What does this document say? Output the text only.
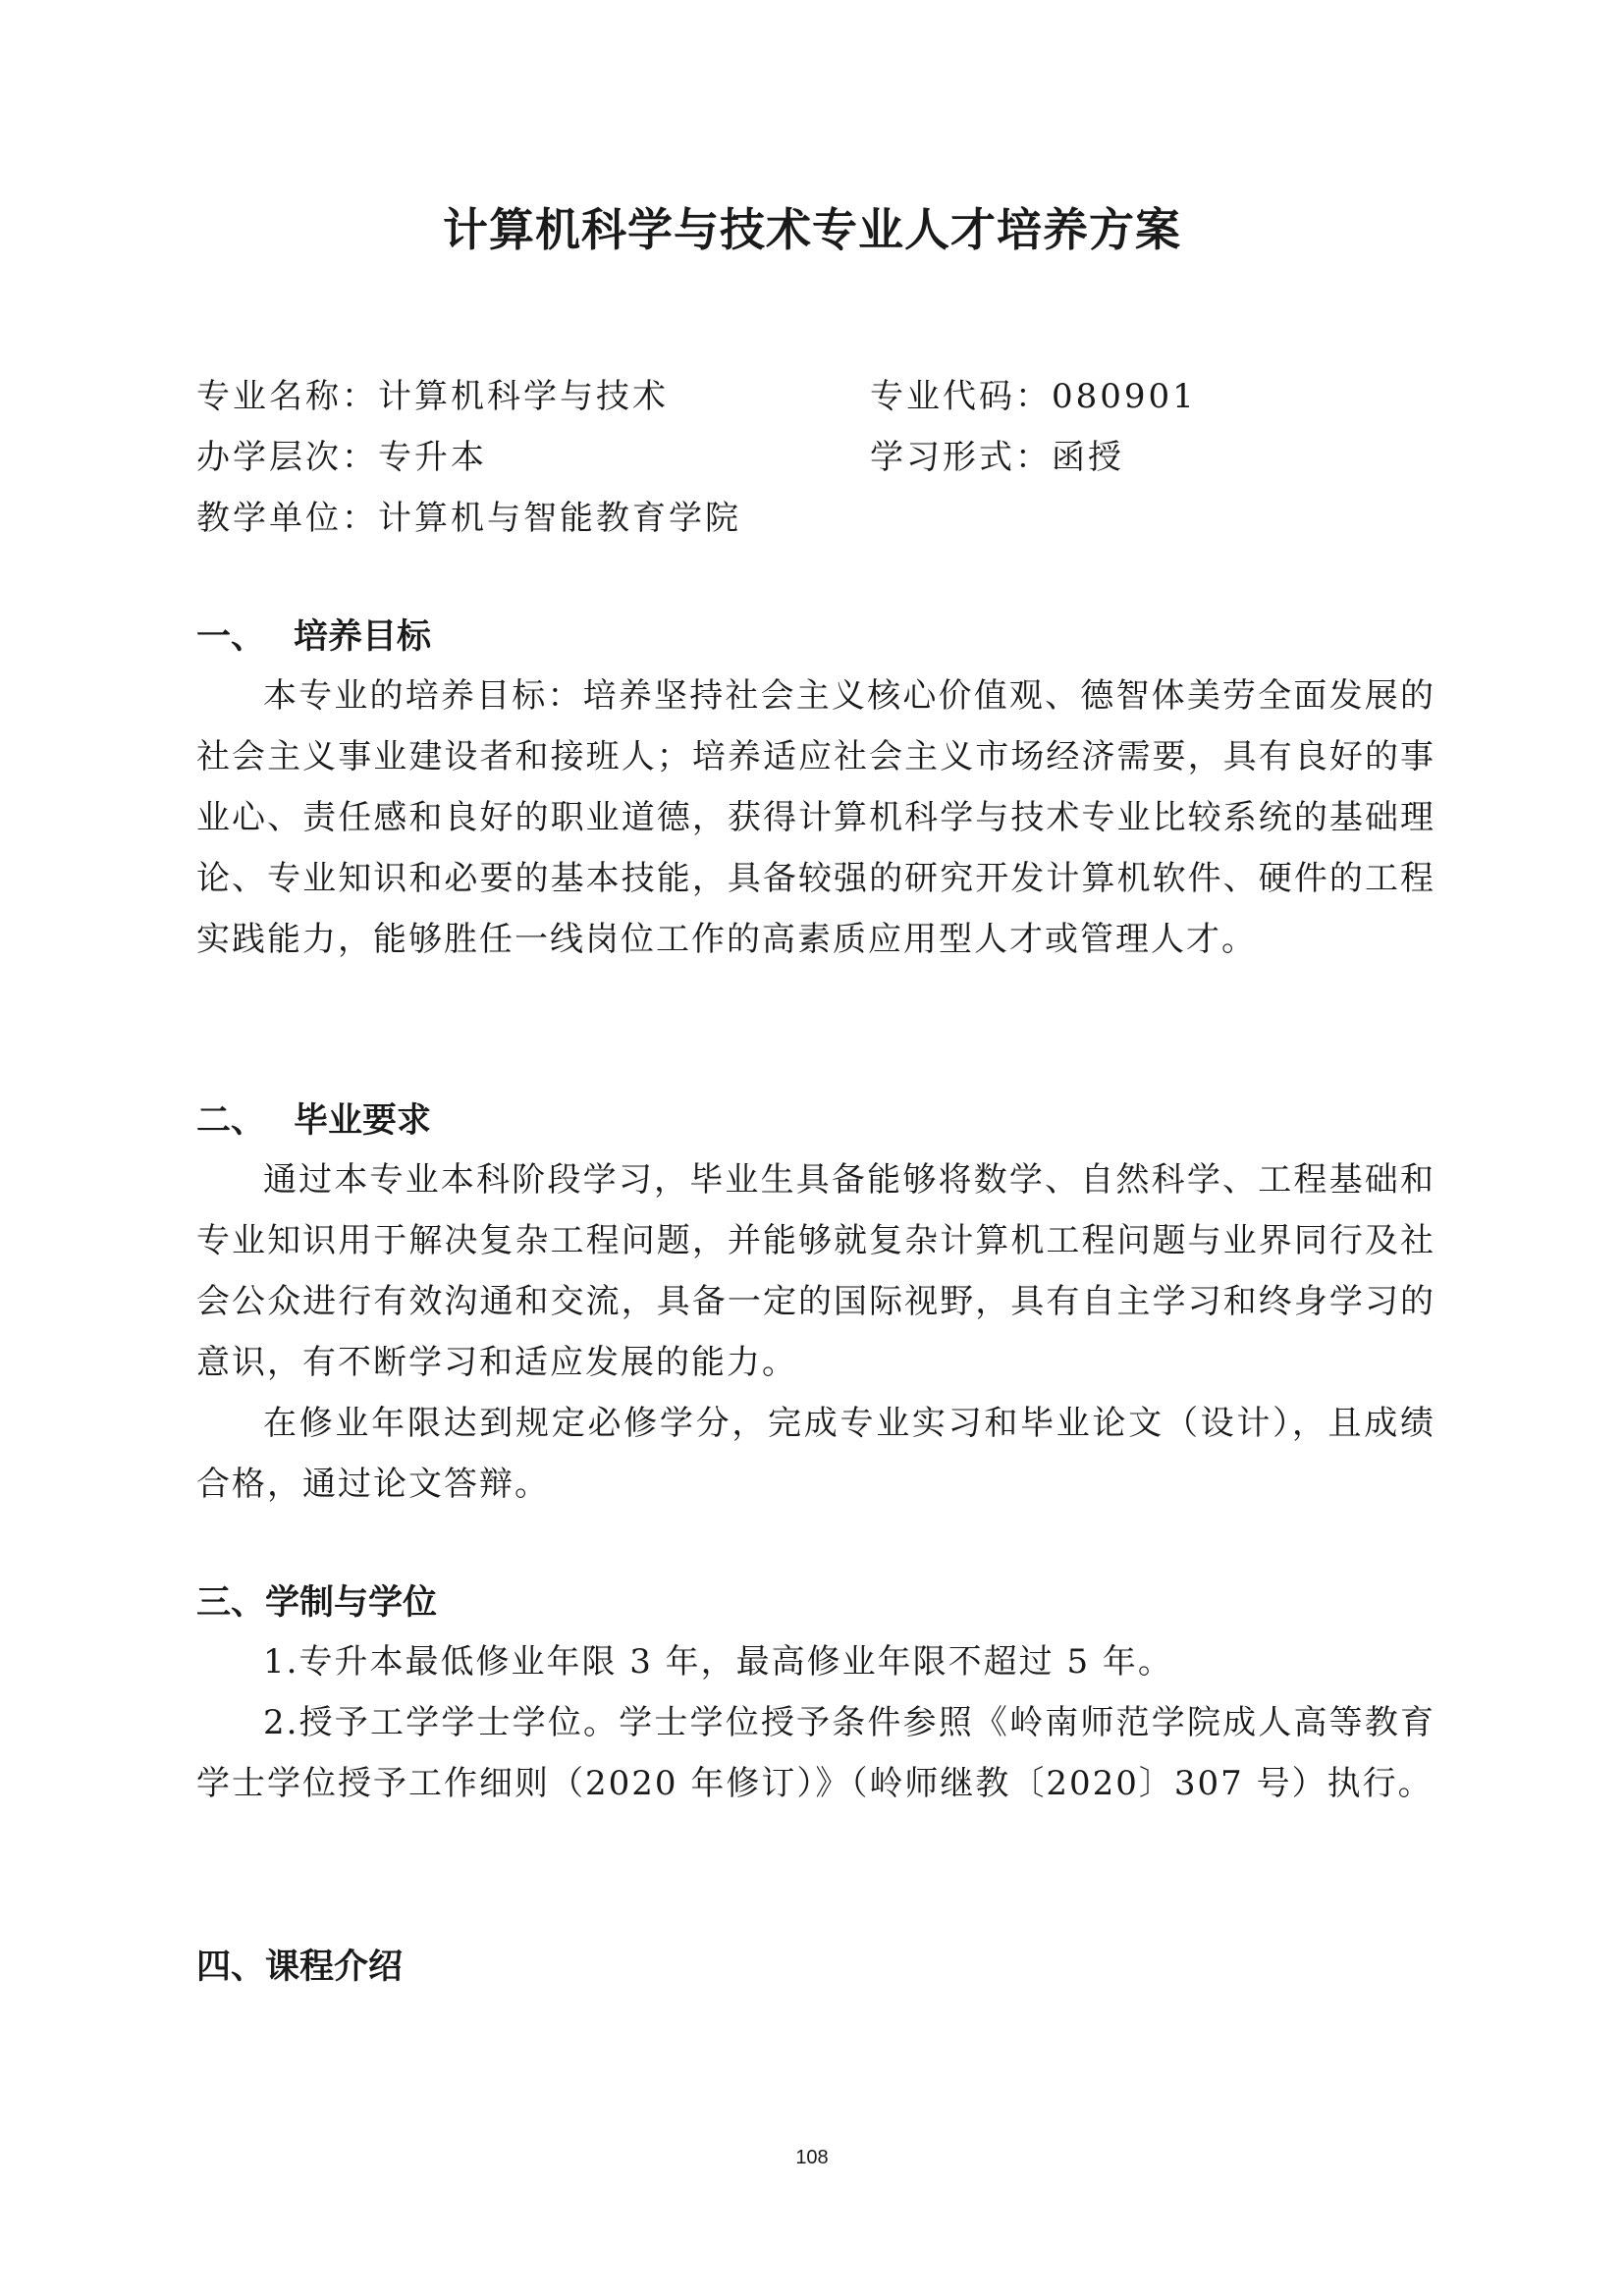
计算机科学与技术专业人才培养方案
专业名称：计算机科学与技术	专业代码：080901
办学层次：专升本	学习形式：函授
教学单位：计算机与智能教育学院
一、 培养目标

本专业的培养目标：培养坚持社会主义核心价值观、德智体美劳全面发展的社会主义事业建设者和接班人；培养适应社会主义市场经济需要，具有良好的事业心、责任感和良好的职业道德，获得计算机科学与技术专业比较系统的基础理论、专业知识和必要的基本技能，具备较强的研究开发计算机软件、硬件的工程实践能力，能够胜任一线岗位工作的高素质应用型人才或管理人才。

二、 毕业要求

通过本专业本科阶段学习，毕业生具备能够将数学、自然科学、工程基础和专业知识用于解决复杂工程问题，并能够就复杂计算机工程问题与业界同行及社会公众进行有效沟通和交流，具备一定的国际视野，具有自主学习和终身学习的意识，有不断学习和适应发展的能力。

在修业年限达到规定必修学分，完成专业实习和毕业论文（设计），且成绩合格，通过论文答辩。

三、学制与学位

1.专升本最低修业年限 3 年，最高修业年限不超过 5 年。

2.授予工学学士学位。学士学位授予条件参照《岭南师范学院成人高等教育学士学位授予工作细则（2020 年修订）》（岭师继教〔2020〕307 号）执行。

四、课程介绍
108
